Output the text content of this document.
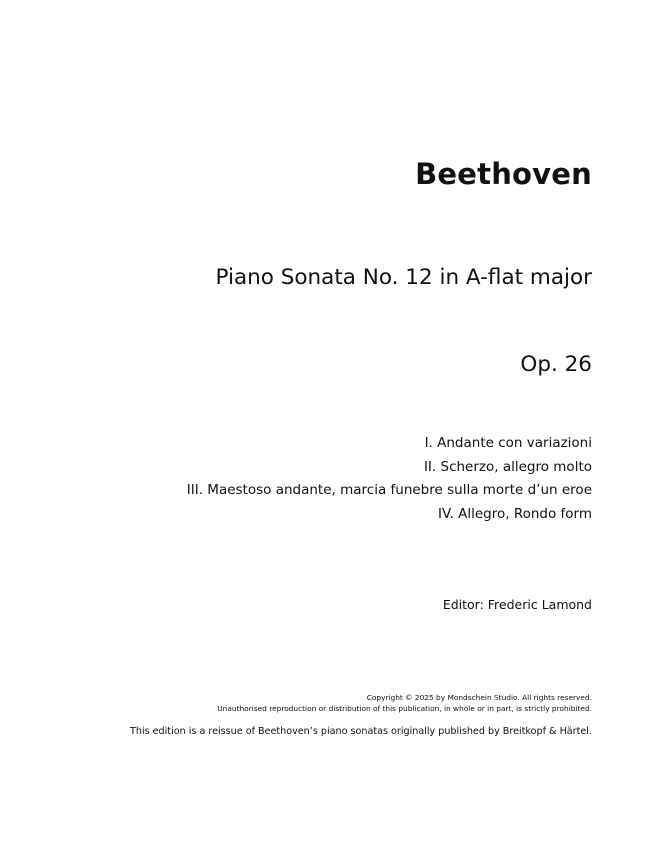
Beethoven
Piano Sonata No. 12 in A-flat major
Op. 26
I. Andante con variazioni
II. Scherzo, allegro molto
III. Maestoso andante, marcia funebre sulla morte d’un eroe
IV. Allegro, Rondo form
Editor: Frederic Lamond
Copyright © 2025 by Mondschein Studio. All rights reserved.
Unauthorised reproduction or distribution of this publication, in whole or in part, is strictly prohibited.
This edition is a reissue of Beethoven’s piano sonatas originally published by Breitkopf & Härtel.
